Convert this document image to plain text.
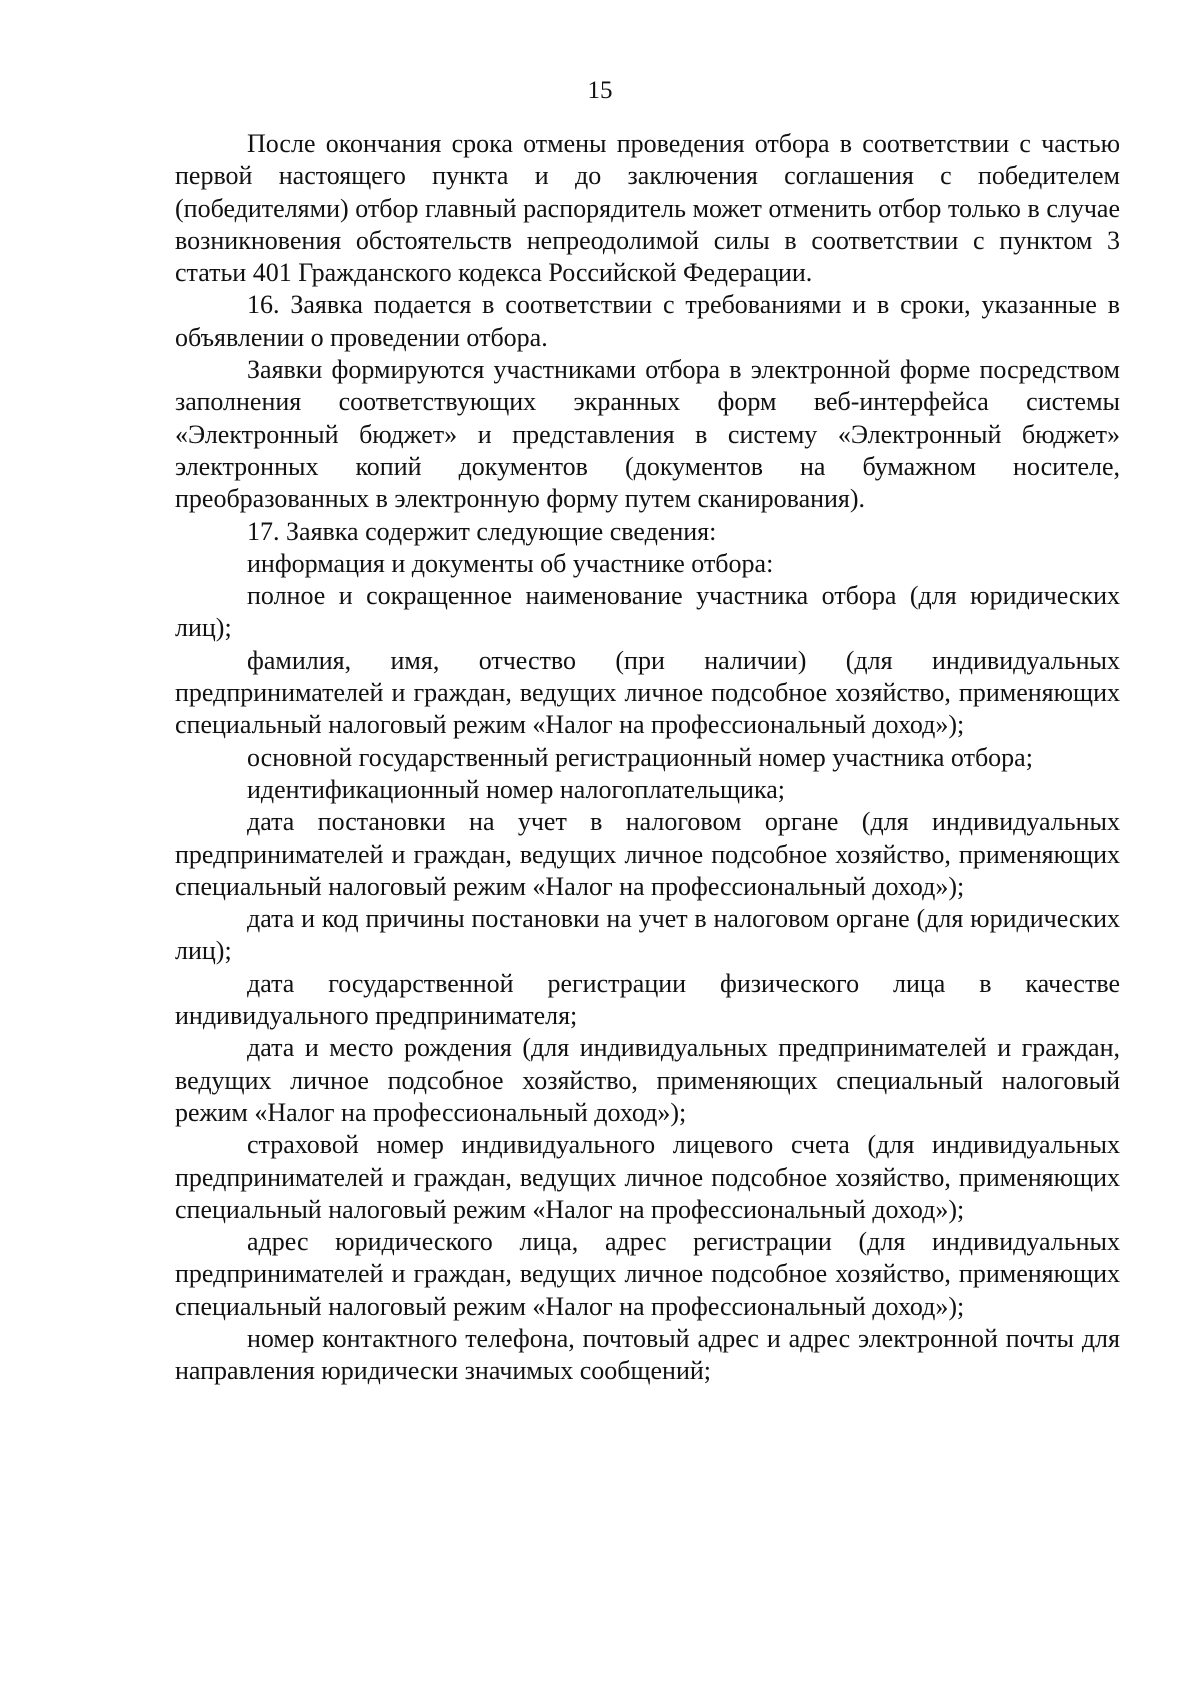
15

После окончания срока отмены проведения отбора в соответствии с частью первой настоящего пункта и до заключения соглашения с победителем (победителями) отбор главный распорядитель может отменить отбор только в случае возникновения обстоятельств непреодолимой силы в соответствии с пунктом 3 статьи 401 Гражданского кодекса Российской Федерации.

16. Заявка подается в соответствии с требованиями и в сроки, указанные в объявлении о проведении отбора.

Заявки формируются участниками отбора в электронной форме посредством заполнения соответствующих экранных форм веб-интерфейса системы «Электронный бюджет» и представления в систему «Электронный бюджет» электронных копий документов (документов на бумажном носителе, преобразованных в электронную форму путем сканирования).

17. Заявка содержит следующие сведения:

информация и документы об участнике отбора:

полное и сокращенное наименование участника отбора (для юридических лиц);

фамилия, имя, отчество (при наличии) (для индивидуальных предпринимателей и граждан, ведущих личное подсобное хозяйство, применяющих специальный налоговый режим «Налог на профессиональный доход»);

основной государственный регистрационный номер участника отбора;

идентификационный номер налогоплательщика;

дата постановки на учет в налоговом органе (для индивидуальных предпринимателей и граждан, ведущих личное подсобное хозяйство, применяющих специальный налоговый режим «Налог на профессиональный доход»);

дата и код причины постановки на учет в налоговом органе (для юридических лиц);

дата государственной регистрации физического лица в качестве индивидуального предпринимателя;

дата и место рождения (для индивидуальных предпринимателей и граждан, ведущих личное подсобное хозяйство, применяющих специальный налоговый режим «Налог на профессиональный доход»);

страховой номер индивидуального лицевого счета (для индивидуальных предпринимателей и граждан, ведущих личное подсобное хозяйство, применяющих специальный налоговый режим «Налог на профессиональный доход»);

адрес юридического лица, адрес регистрации (для индивидуальных предпринимателей и граждан, ведущих личное подсобное хозяйство, применяющих специальный налоговый режим «Налог на профессиональный доход»);

номер контактного телефона, почтовый адрес и адрес электронной почты для направления юридически значимых сообщений;
